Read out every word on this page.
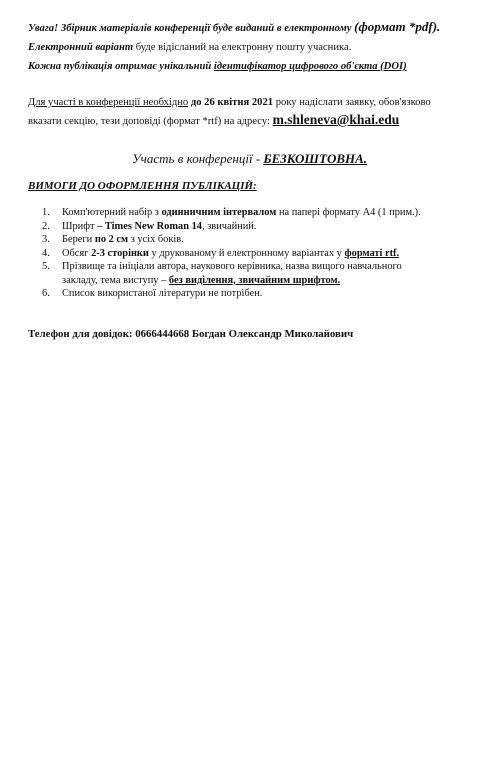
Увага! Збірник матеріалів конференції буде виданий в електронному (формат *pdf).
Електронний варіант буде відісланий на електронну пошту учасника.
Кожна публікація отримає унікальний ідентифікатор цифрового об'єкта (DOI)
Для участі в конференції необхідно до 26 квітня 2021 року надіслати заявку, обов'язково
вказати секцію, тези доповіді (формат *rtf) на адресу: m.shleneva@khai.edu
Участь в конференції - БЕЗКОШТОВНА.
ВИМОГИ ДО ОФОРМЛЕННЯ ПУБЛІКАЦІЙ:
1. Комп'ютерний набір з одинничним інтервалом на папері формату А4 (1 прим.).
2. Шрифт – Times New Roman 14, звичайний.
3. Береги по 2 см з усіх боків.
4. Обсяг 2-3 сторінки у друкованому й електронному варіантах у форматі rtf.
5. Прізвище та ініціали автора, наукового керівника, назва вищого навчального
закладу, тема виступу – без виділення, звичайним шрифтом.
6. Список використаної літератури не потрібен.
Телефон для довідок: 0666444668 Богдан Олександр Миколайович
